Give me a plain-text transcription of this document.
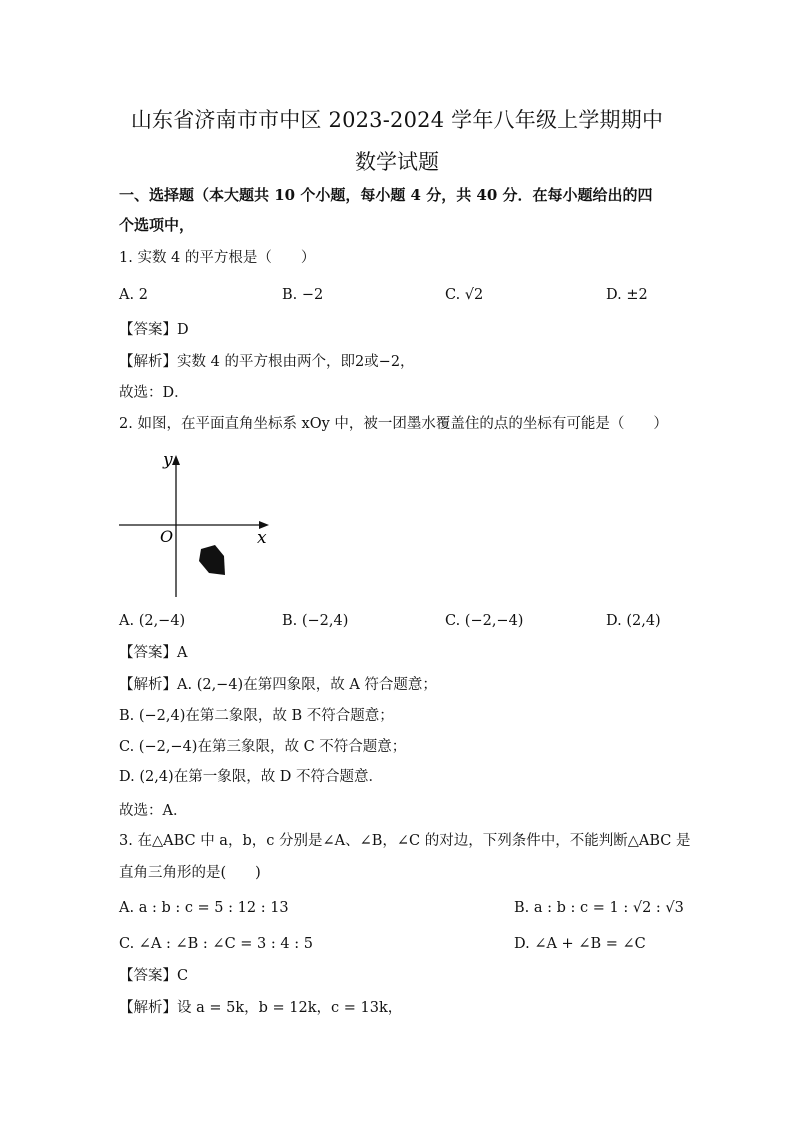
山东省济南市市中区 2023-2024 学年八年级上学期期中
数学试题
一、选择题（本大题共 10 个小题，每小题 4 分，共 40 分．在每小题给出的四
个选项中，
1. 实数 4 的平方根是（　　）
A. 2	B. −2	C. √2	D. ±2
【答案】D
【解析】实数 4 的平方根由两个，即2或−2，
故选：D．
2. 如图，在平面直角坐标系 xOy 中，被一团墨水覆盖住的点的坐标有可能是（　　）
y
x
O
A. (2,−4)	B. (−2,4)	C. (−2,−4)	D. (2,4)
【答案】A
【解析】A. (2,−4)在第四象限，故 A 符合题意；
B. (−2,4)在第二象限，故 B 不符合题意；
C. (−2,−4)在第三象限，故 C 不符合题意；
D. (2,4)在第一象限，故 D 不符合题意．
故选：A．
3. 在△ABC 中 a，b，c 分别是∠A、∠B，∠C 的对边，下列条件中，不能判断△ABC 是
直角三角形的是(　　)
A. a : b : c = 5 : 12 : 13	B. a : b : c = 1 : √2 : √3
C. ∠A : ∠B : ∠C = 3 : 4 : 5	D. ∠A + ∠B = ∠C
【答案】C
【解析】设 a = 5k，b = 12k，c = 13k，
